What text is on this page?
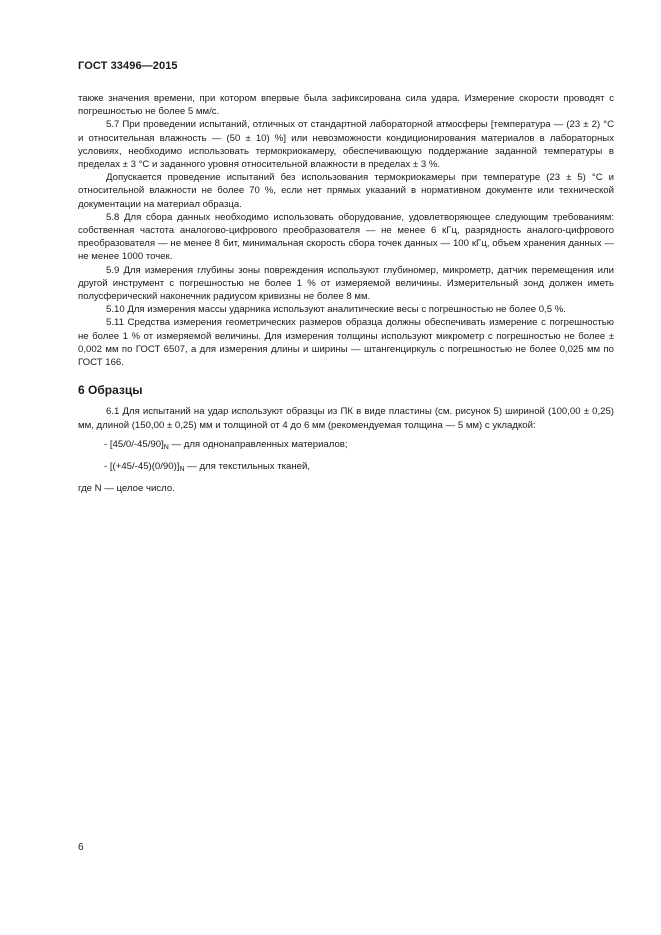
ГОСТ 33496—2015

также значения времени, при котором впервые была зафиксирована сила удара. Измерение скорости проводят с погрешностью не более 5 мм/с.

5.7 При проведении испытаний, отличных от стандартной лабораторной атмосферы [температура — (23 ± 2) °C и относительная влажность — (50 ± 10) %] или невозможности кондиционирования материалов в лабораторных условиях, необходимо использовать термокриокамеру, обеспечивающую поддержание заданной температуры в пределах ± 3 °С и заданного уровня относительной влажности в пределах ± 3 %.

Допускается проведение испытаний без использования термокриокамеры при температуре (23 ± 5) °C и относительной влажности не более 70 %, если нет прямых указаний в нормативном документе или технической документации на материал образца.

5.8 Для сбора данных необходимо использовать оборудование, удовлетворяющее следующим требованиям: собственная частота аналогово-цифрового преобразователя — не менее 6 кГц, разрядность аналого-цифрового преобразователя — не менее 8 бит, минимальная скорость сбора точек данных — 100 кГц, объем хранения данных — не менее 1000 точек.

5.9 Для измерения глубины зоны повреждения используют глубиномер, микрометр, датчик перемещения или другой инструмент с погрешностью не более 1 % от измеряемой величины. Измерительный зонд должен иметь полусферический наконечник радиусом кривизны не более 8 мм.

5.10 Для измерения массы ударника используют аналитические весы с погрешностью не более 0,5 %.

5.11 Средства измерения геометрических размеров образца должны обеспечивать измерение с погрешностью не более 1 % от измеряемой величины. Для измерения толщины используют микрометр с погрешностью не более ± 0,002 мм по ГОСТ 6507, а для измерения длины и ширины — штангенциркуль с погрешностью не более 0,025 мм по ГОСТ 166.

6 Образцы

6.1 Для испытаний на удар используют образцы из ПК в виде пластины (см. рисунок 5) шириной (100,00 ± 0,25) мм, длиной (150,00 ± 0,25) мм и толщиной от 4 до 6 мм (рекомендуемая толщина — 5 мм) с укладкой:

- $[45/0/-45/90]_N$ — для однонаправленных материалов;
- $[(+45/-45)(0/90)]_N$ — для текстильных тканей,

где N — целое число.

6
